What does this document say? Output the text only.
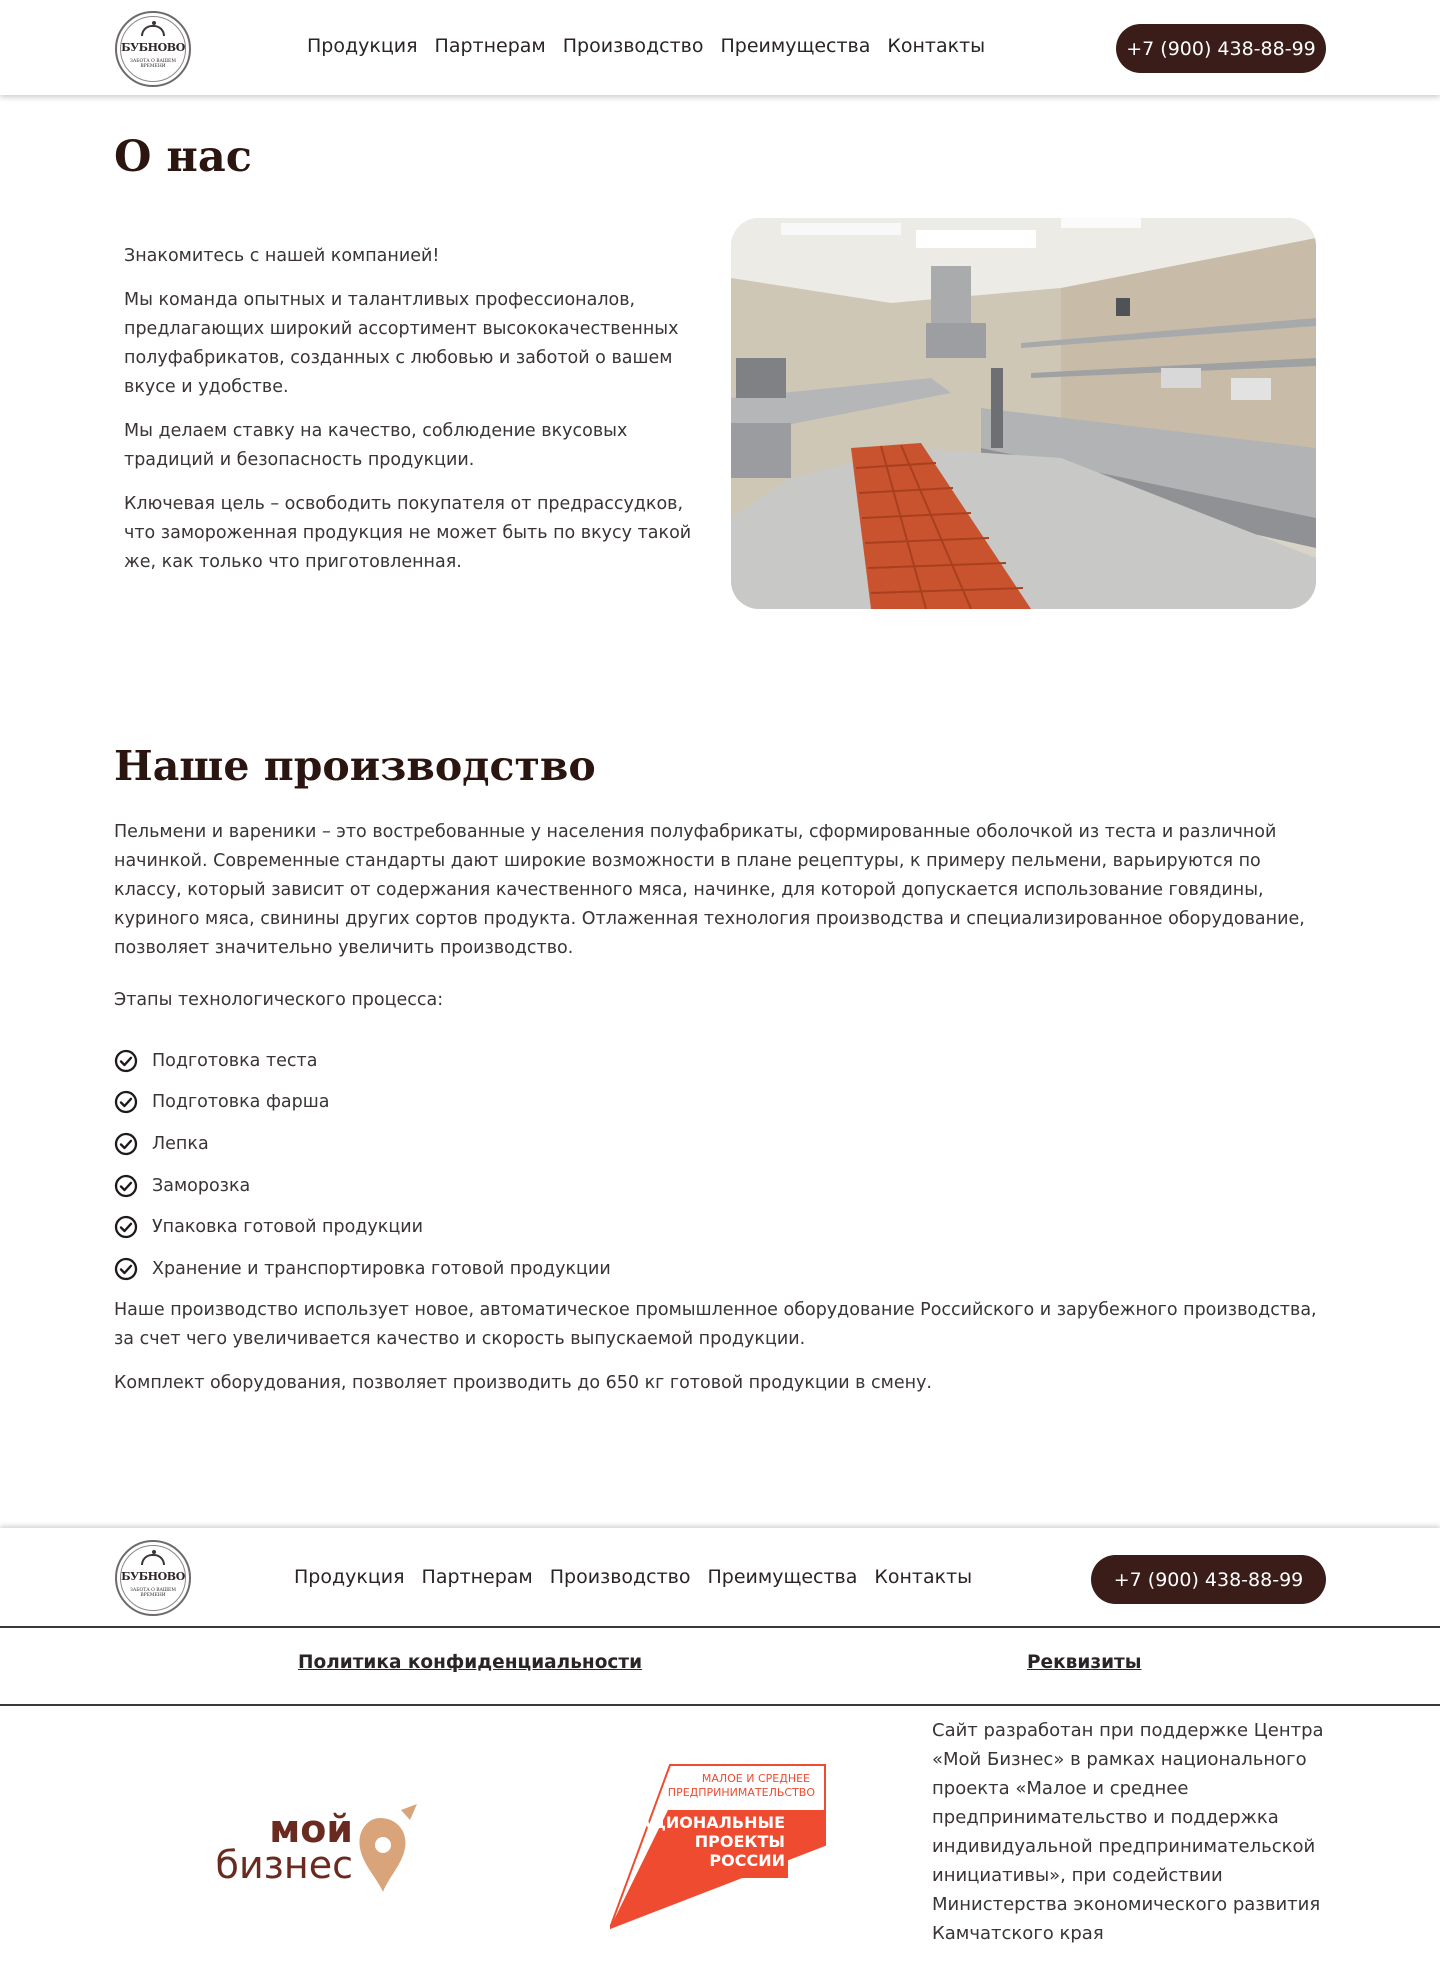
БУБНОВО
ЗАБОТА О ВАШЕМ ВРЕМЕНИ
Продукция Партнерам Производство Преимущества Контакты	+7 (900) 438-88-99
О нас

Знакомитесь с нашей компанией!

Мы команда опытных и талантливых профессионалов, предлагающих широкий ассортимент высококачественных полуфабрикатов, созданных с любовью и заботой о вашем вкусе и удобстве.

Мы делаем ставку на качество, соблюдение вкусовых традиций и безопасность продукции.

Ключевая цель – освободить покупателя от предрассудков, что замороженная продукция не может быть по вкусу такой же, как только что приготовленная.

Наше производство

Пельмени и вареники – это востребованные у населения полуфабрикаты, сформированные оболочкой из теста и различной начинкой. Современные стандарты дают широкие возможности в плане рецептуры, к примеру пельмени, варьируются по классу, который зависит от содержания качественного мяса, начинке, для которой допускается использование говядины, куриного мяса, свинины других сортов продукта. Отлаженная технология производства и специализированное оборудование, позволяет значительно увеличить производство.

Этапы технологического процесса:
Подготовка теста
Подготовка фарша
Лепка
Заморозка
Упаковка готовой продукции
Хранение и транспортировка готовой продукции

Наше производство использует новое, автоматическое промышленное оборудование Российского и зарубежного производства, за счет чего увеличивается качество и скорость выпускаемой продукции.

Комплект оборудования, позволяет производить до 650 кг готовой продукции в смену.

БУБНОВО
ЗАБОТА О ВАШЕМ ВРЕМЕНИ
Продукция Партнерам Производство Преимущества Контакты	+7 (900) 438-88-99
Политика конфиденциальности	Реквизиты
мой
бизнес
МАЛОЕ И СРЕДНЕЕ
ПРЕДПРИНИМАТЕЛЬСТВО
НАЦИОНАЛЬНЫЕ
ПРОЕКТЫ
РОССИИ

Сайт разработан при поддержке Центра «Мой Бизнес» в рамках национального проекта «Малое и среднее предпринимательство и поддержка индивидуальной предпринимательской инициативы», при содействии Министерства экономического развития Камчатского края
